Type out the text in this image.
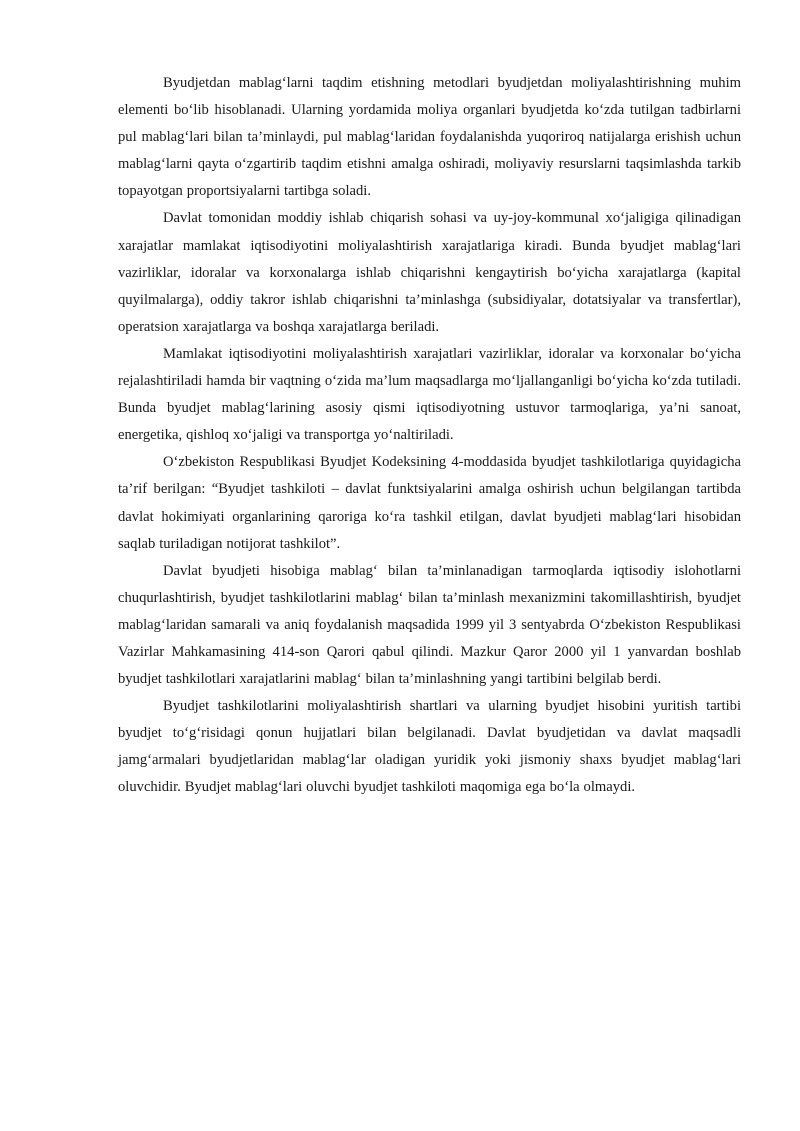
Byudjetdan mablag‘larni taqdim etishning metodlari byudjetdan moliyalashtirishning muhim elementi bo‘lib hisoblanadi. Ularning yordamida moliya organlari byudjetda ko‘zda tutilgan tadbirlarni pul mablag‘lari bilan ta’minlaydi, pul mablag‘laridan foydalanishda yuqoriroq natijalarga erishish uchun mablag‘larni qayta o‘zgartirib taqdim etishni amalga oshiradi, moliyaviy resurslarni taqsimlashda tarkib topayotgan proportsiyalarni tartibga soladi.

Davlat tomonidan moddiy ishlab chiqarish sohasi va uy-joy-kommunal xo‘jaligiga qilinadigan xarajatlar mamlakat iqtisodiyotini moliyalashtirish xarajatlariga kiradi. Bunda byudjet mablag‘lari vazirliklar, idoralar va korxonalarga ishlab chiqarishni kengaytirish bo‘yicha xarajatlarga (kapital quyilmalarga), oddiy takror ishlab chiqarishni ta’minlashga (subsidiyalar, dotatsiyalar va transfertlar), operatsion xarajatlarga va boshqa xarajatlarga beriladi.

Mamlakat iqtisodiyotini moliyalashtirish xarajatlari vazirliklar, idoralar va korxonalar bo‘yicha rejalashtiriladi hamda bir vaqtning o‘zida ma’lum maqsadlarga mo‘ljallanganligi bo‘yicha ko‘zda tutiladi. Bunda byudjet mablag‘larining asosiy qismi iqtisodiyotning ustuvor tarmoqlariga, ya’ni sanoat, energetika, qishloq xo‘jaligi va transportga yo‘naltiriladi.

O‘zbekiston Respublikasi Byudjet Kodeksining 4-moddasida byudjet tashkilotlariga quyidagicha ta’rif berilgan: “Byudjet tashkiloti – davlat funktsiyalarini amalga oshirish uchun belgilangan tartibda davlat hokimiyati organlarining qaroriga ko‘ra tashkil etilgan, davlat byudjeti mablag‘lari hisobidan saqlab turiladigan notijorat tashkilot”.

Davlat byudjeti hisobiga mablag‘ bilan ta’minlanadigan tarmoqlarda iqtisodiy islohotlarni chuqurlashtirish, byudjet tashkilotlarini mablag‘ bilan ta’minlash mexanizmini takomillashtirish, byudjet mablag‘laridan samarali va aniq foydalanish maqsadida 1999 yil 3 sentyabrda O‘zbekiston Respublikasi Vazirlar Mahkamasining 414-son Qarori qabul qilindi. Mazkur Qaror 2000 yil 1 yanvardan boshlab byudjet tashkilotlari xarajatlarini mablag‘ bilan ta’minlashning yangi tartibini belgilab berdi.

Byudjet tashkilotlarini moliyalashtirish shartlari va ularning byudjet hisobini yuritish tartibi byudjet to‘g‘risidagi qonun hujjatlari bilan belgilanadi. Davlat byudjetidan va davlat maqsadli jamg‘armalari byudjetlaridan mablag‘lar oladigan yuridik yoki jismoniy shaxs byudjet mablag‘lari oluvchidir. Byudjet mablag‘lari oluvchi byudjet tashkiloti maqomiga ega bo‘la olmaydi.
